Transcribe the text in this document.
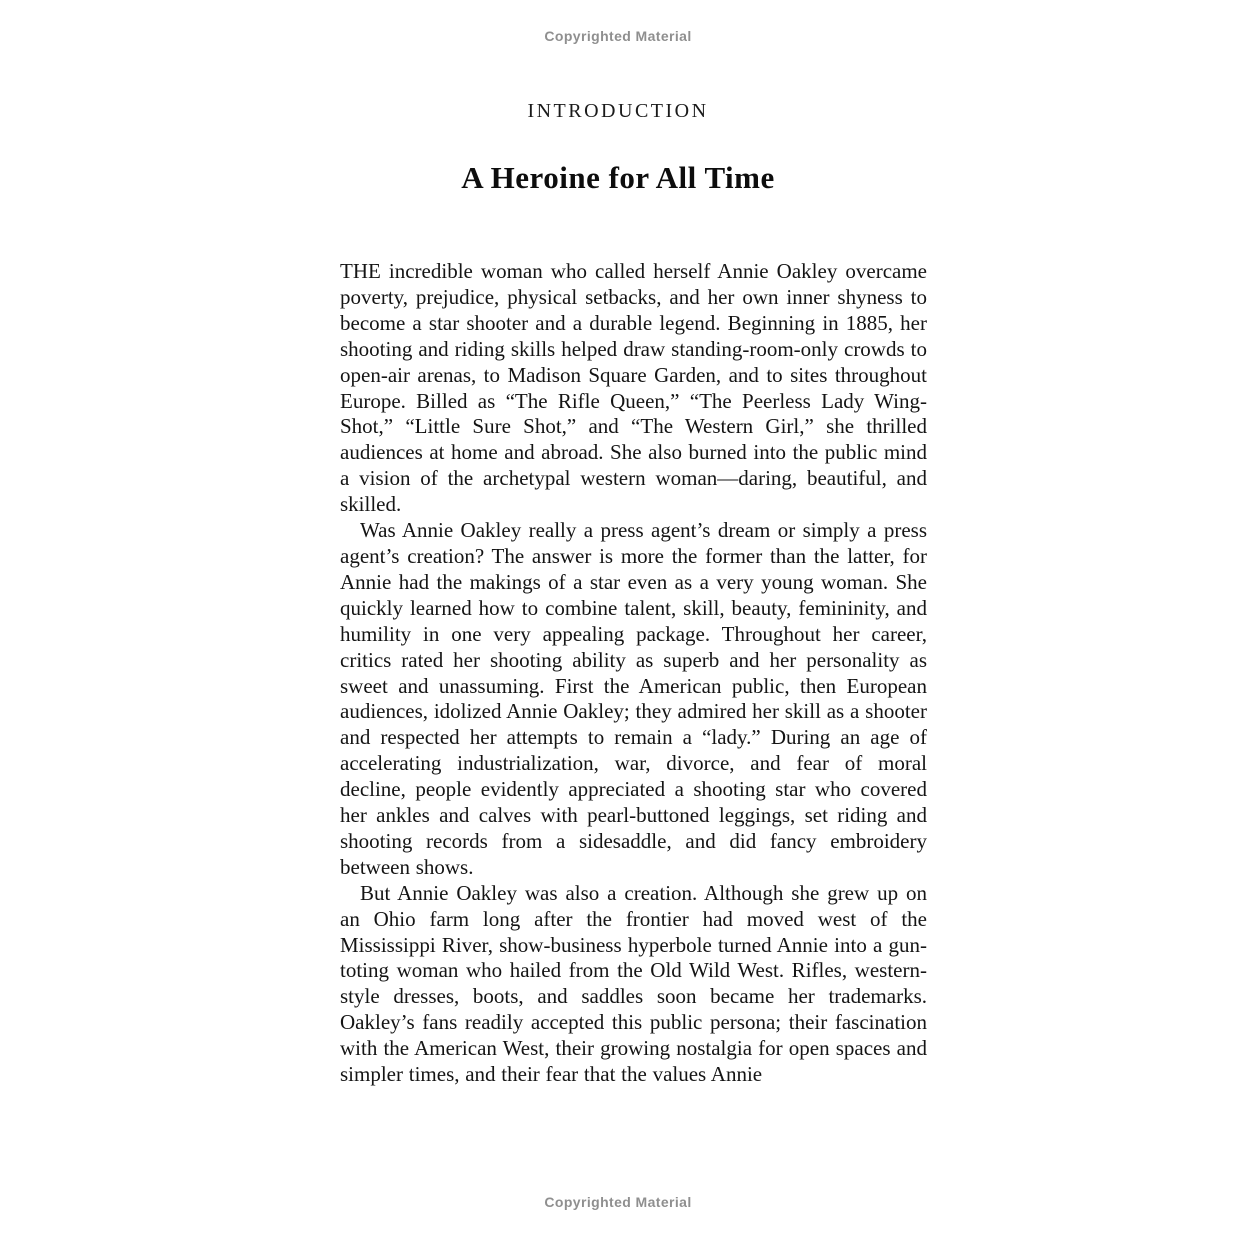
Copyrighted Material
INTRODUCTION
A Heroine for All Time

THE incredible woman who called herself Annie Oakley overcame poverty, prejudice, physical setbacks, and her own inner shyness to become a star shooter and a durable legend. Beginning in 1885, her shooting and riding skills helped draw standing-room-only crowds to open-air arenas, to Madison Square Garden, and to sites throughout Europe. Billed as “The Rifle Queen,” “The Peerless Lady Wing-Shot,” “Little Sure Shot,” and “The Western Girl,” she thrilled audiences at home and abroad. She also burned into the public mind a vision of the archetypal western woman—daring, beautiful, and skilled.

Was Annie Oakley really a press agent’s dream or simply a press agent’s creation? The answer is more the former than the latter, for Annie had the makings of a star even as a very young woman. She quickly learned how to combine talent, skill, beauty, femininity, and humility in one very appealing package. Throughout her career, critics rated her shooting ability as superb and her personality as sweet and unassuming. First the American public, then European audiences, idolized Annie Oakley; they admired her skill as a shooter and respected her attempts to remain a “lady.” During an age of accelerating industrialization, war, divorce, and fear of moral decline, people evidently appreciated a shooting star who covered her ankles and calves with pearl-buttoned leggings, set riding and shooting records from a sidesaddle, and did fancy embroidery between shows.

But Annie Oakley was also a creation. Although she grew up on an Ohio farm long after the frontier had moved west of the Mississippi River, show-business hyperbole turned Annie into a gun-toting woman who hailed from the Old Wild West. Rifles, western-style dresses, boots, and saddles soon became her trademarks. Oakley’s fans readily accepted this public persona; their fascination with the American West, their growing nostalgia for open spaces and simpler times, and their fear that the values Annie

Copyrighted Material
